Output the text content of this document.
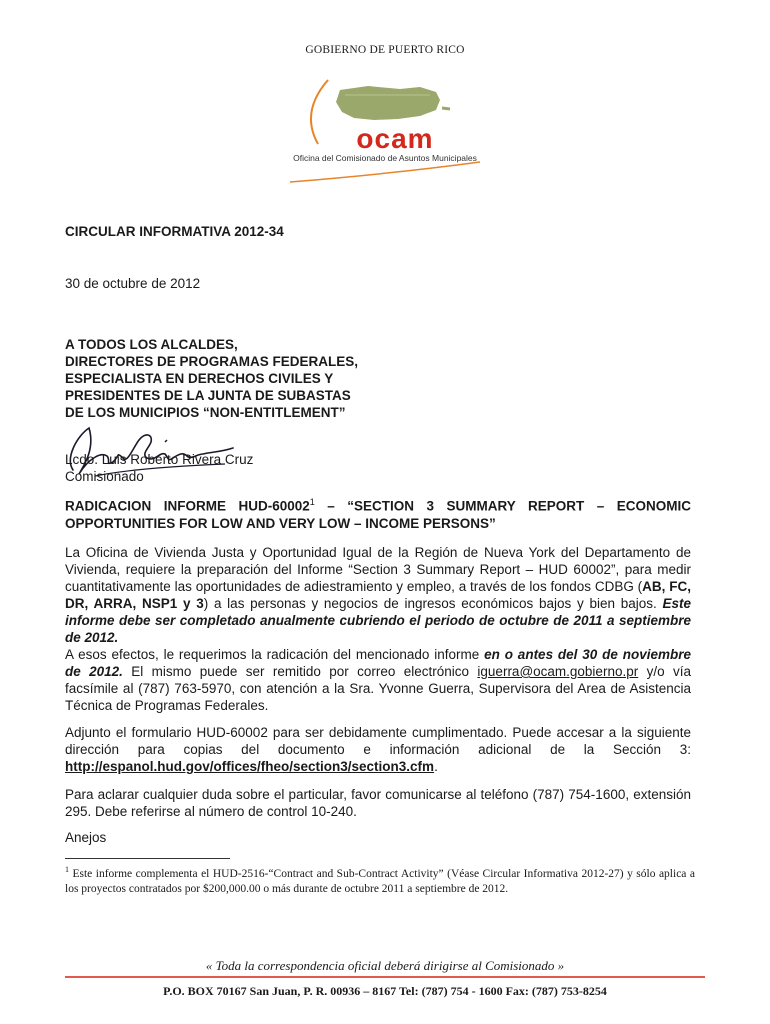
GOBIERNO DE PUERTO RICO
ocam
Oficina del Comisionado de Asuntos Municipales
CIRCULAR INFORMATIVA 2012-34
30 de octubre de 2012
A TODOS LOS ALCALDES,
DIRECTORES DE PROGRAMAS FEDERALES,
ESPECIALISTA EN DERECHOS CIVILES Y
PRESIDENTES DE LA JUNTA DE SUBASTAS
DE LOS MUNICIPIOS “NON-ENTITLEMENT”
Lcdo. Luis Roberto Rivera Cruz
Comisionado
RADICACION INFORME HUD-60002$^1$ – “SECTION 3 SUMMARY REPORT – ECONOMIC OPPORTUNITIES FOR LOW AND VERY LOW – INCOME PERSONS”
La Oficina de Vivienda Justa y Oportunidad Igual de la Región de Nueva York del Departamento de Vivienda, requiere la preparación del Informe “Section 3 Summary Report – HUD 60002”, para medir cuantitativamente las oportunidades de adiestramiento y empleo, a través de los fondos CDBG (AB, FC, DR, ARRA, NSP1 y 3) a las personas y negocios de ingresos económicos bajos y bien bajos. Este informe debe ser completado anualmente cubriendo el periodo de octubre de 2011 a septiembre de 2012.
A esos efectos, le requerimos la radicación del mencionado informe en o antes del 30 de noviembre de 2012. El mismo puede ser remitido por correo electrónico iguerra@ocam.gobierno.pr y/o vía facsímile al (787) 763-5970, con atención a la Sra. Yvonne Guerra, Supervisora del Area de Asistencia Técnica de Programas Federales.
Adjunto el formulario HUD-60002 para ser debidamente cumplimentado. Puede accesar a la siguiente dirección para copias del documento e información adicional de la Sección 3: http://espanol.hud.gov/offices/fheo/section3/section3.cfm.
Para aclarar cualquier duda sobre el particular, favor comunicarse al teléfono (787) 754-1600, extensión 295. Debe referirse al número de control 10-240.
Anejos
$^1$ Este informe complementa el HUD-2516-“Contract and Sub-Contract Activity” (Véase Circular Informativa 2012-27) y sólo aplica a los proyectos contratados por $200,000.00 o más durante de octubre 2011 a septiembre de 2012.
« Toda la correspondencia oficial deberá dirigirse al Comisionado »
P.O. BOX 70167 San Juan, P. R. 00936 – 8167 Tel: (787) 754 - 1600 Fax: (787) 753-8254
